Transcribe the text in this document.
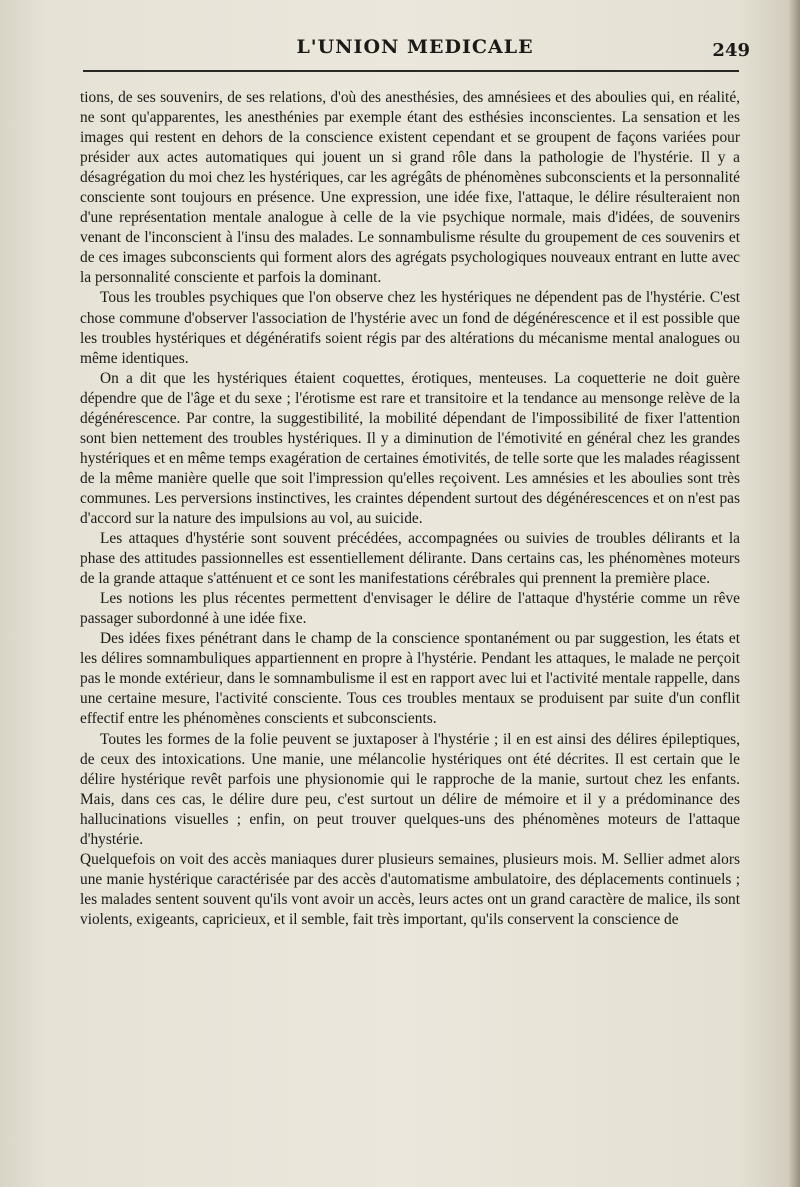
L'UNION MEDICALE	249

tions, de ses souvenirs, de ses relations, d'où des anesthésies, des amnésiees et des aboulies qui, en réalité, ne sont qu'apparentes, les anesthénies par exemple étant des esthésies inconscientes. La sensation et les images qui restent en dehors de la conscience existent cependant et se groupent de façons variées pour présider aux actes automatiques qui jouent un si grand rôle dans la pathologie de l'hystérie. Il y a désagrégation du moi chez les hystériques, car les agrégâts de phénomènes subconscients et la personnalité consciente sont toujours en présence. Une expression, une idée fixe, l'attaque, le délire résulteraient non d'une représentation mentale analogue à celle de la vie psychique normale, mais d'idées, de souvenirs venant de l'inconscient à l'insu des malades. Le sonnambulisme résulte du groupement de ces souvenirs et de ces images subconscients qui forment alors des agrégats psychologiques nouveaux entrant en lutte avec la personnalité consciente et parfois la dominant.

Tous les troubles psychiques que l'on observe chez les hystériques ne dépendent pas de l'hystérie. C'est chose commune d'observer l'association de l'hystérie avec un fond de dégénérescence et il est possible que les troubles hystériques et dégénératifs soient régis par des altérations du mécanisme mental analogues ou même identiques.

On a dit que les hystériques étaient coquettes, érotiques, menteuses. La coquetterie ne doit guère dépendre que de l'âge et du sexe ; l'érotisme est rare et transitoire et la tendance au mensonge relève de la dégénérescence. Par contre, la suggestibilité, la mobilité dépendant de l'impossibilité de fixer l'attention sont bien nettement des troubles hystériques. Il y a diminution de l'émotivité en général chez les grandes hystériques et en même temps exagération de certaines émotivités, de telle sorte que les malades réagissent de la même manière quelle que soit l'impression qu'elles reçoivent. Les amnésies et les aboulies sont très communes. Les perversions instinctives, les craintes dépendent surtout des dégénérescences et on n'est pas d'accord sur la nature des impulsions au vol, au suicide.

Les attaques d'hystérie sont souvent précédées, accompagnées ou suivies de troubles délirants et la phase des attitudes passionnelles est essentiellement délirante. Dans certains cas, les phénomènes moteurs de la grande attaque s'atténuent et ce sont les manifestations cérébrales qui prennent la première place.

Les notions les plus récentes permettent d'envisager le délire de l'attaque d'hystérie comme un rêve passager subordonné à une idée fixe.

Des idées fixes pénétrant dans le champ de la conscience spontanément ou par suggestion, les états et les délires somnambuliques appartiennent en propre à l'hystérie. Pendant les attaques, le malade ne perçoit pas le monde extérieur, dans le somnambulisme il est en rapport avec lui et l'activité mentale rappelle, dans une certaine mesure, l'activité consciente. Tous ces troubles mentaux se produisent par suite d'un conflit effectif entre les phénomènes conscients et subconscients.

Toutes les formes de la folie peuvent se juxtaposer à l'hystérie ; il en est ainsi des délires épileptiques, de ceux des intoxications. Une manie, une mélancolie hystériques ont été décrites. Il est certain que le délire hystérique revêt parfois une physionomie qui le rapproche de la manie, surtout chez les enfants. Mais, dans ces cas, le délire dure peu, c'est surtout un délire de mémoire et il y a prédominance des hallucinations visuelles ; enfin, on peut trouver quelques-uns des phénomènes moteurs de l'attaque d'hystérie.

Quelquefois on voit des accès maniaques durer plusieurs semaines, plusieurs mois. M. Sellier admet alors une manie hystérique caractérisée par des accès d'automatisme ambulatoire, des déplacements continuels ; les malades sentent souvent qu'ils vont avoir un accès, leurs actes ont un grand caractère de malice, ils sont violents, exigeants, capricieux, et il semble, fait très important, qu'ils conservent la conscience de
